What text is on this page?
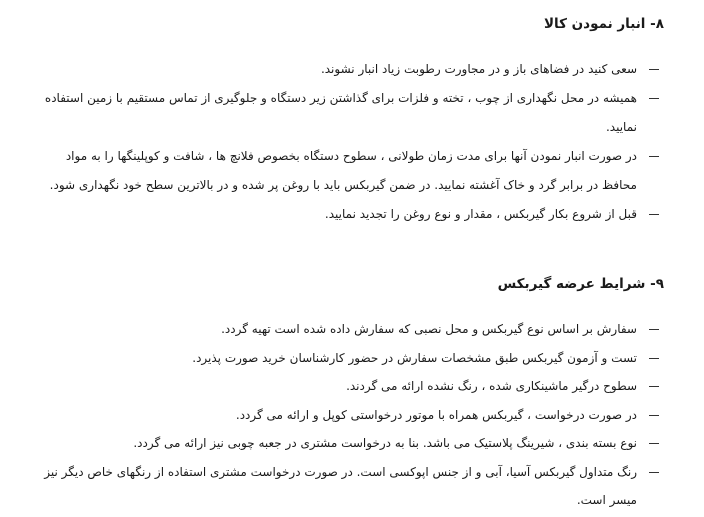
۸- انبار نمودن کالا
سعی کنید در فضاهای باز و در مجاورت رطوبت زیاد انبار نشوند.
همیشه در محل نگهداری از چوب ، تخته و فلزات برای گذاشتن زیر دستگاه و جلوگیری از تماس مستقیم با زمین استفاده نمایید.
در صورت انبار نمودن آنها برای مدت زمان طولانی ، سطوح دستگاه بخصوص فلانچ ها ، شافت و کوپلینگها را به مواد محافظ در برابر گرد و خاک آغشته نمایید. در ضمن گیربکس باید با روغن پر شده و در بالاترین سطح خود نگهداری شود.
قبل از شروع بکار گیربکس ، مقدار و نوع روغن را تجدید نمایید.
۹- شرایط عرضه گیربکس
سفارش بر اساس نوع گیربکس و محل نصبی که سفارش داده شده است تهیه گردد.
تست و آزمون گیربکس طبق مشخصات سفارش در حضور کارشناسان خرید صورت پذیرد.
سطوح درگیر ماشینکاری شده ، رنگ نشده ارائه می گردند.
در صورت درخواست ، گیربکس همراه با موتور درخواستی کوپل و ارائه می گردد.
نوع بسته بندی ، شیرینگ پلاستیک می باشد. بنا به درخواست مشتری در جعبه چوبی نیز ارائه می گردد.
رنگ متداول گیربکس آسیا، آبی و از جنس اپوکسی است. در صورت درخواست مشتری استفاده از رنگهای خاص دیگر نیز میسر است.
